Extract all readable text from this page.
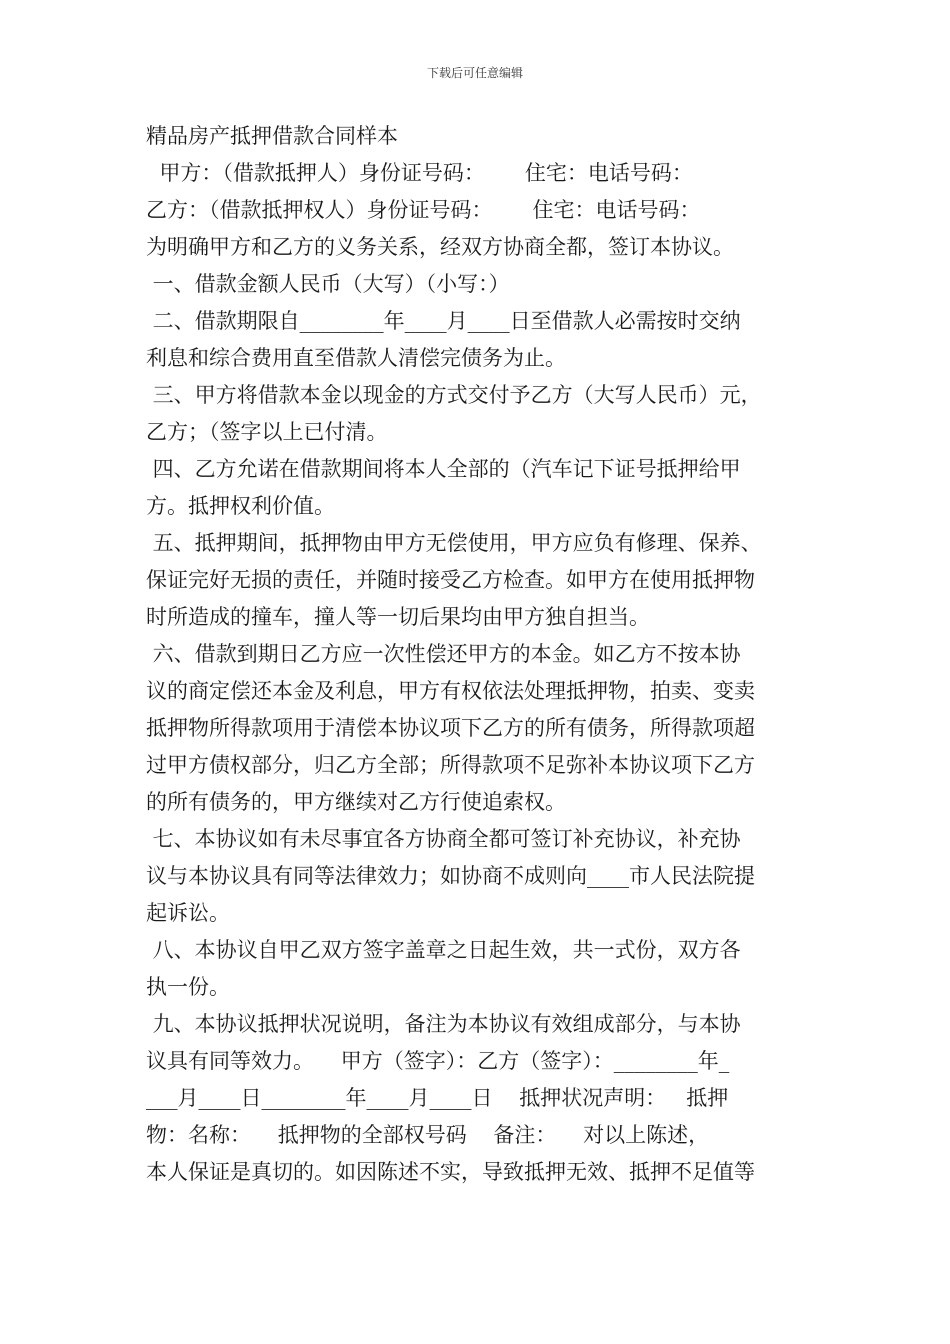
下载后可任意编辑
精品房产抵押借款合同样本
甲方：（借款抵押人）身份证号码：      住宅：电话号码：
乙方：（借款抵押权人）身份证号码：      住宅：电话号码：
为明确甲方和乙方的义务关系，经双方协商全都，签订本协议。
一、借款金额人民币（大写）（小写：）
二、借款期限自________年____月____日至借款人必需按时交纳
利息和综合费用直至借款人清偿完债务为止。
三、甲方将借款本金以现金的方式交付予乙方（大写人民币）元，
乙方；（签字以上已付清。
四、乙方允诺在借款期间将本人全部的（汽车记下证号抵押给甲
方。抵押权利价值。
五、抵押期间，抵押物由甲方无偿使用，甲方应负有修理、保养、
保证完好无损的责任，并随时接受乙方检查。如甲方在使用抵押物
时所造成的撞车，撞人等一切后果均由甲方独自担当。
六、借款到期日乙方应一次性偿还甲方的本金。如乙方不按本协
议的商定偿还本金及利息，甲方有权依法处理抵押物，拍卖、变卖
抵押物所得款项用于清偿本协议项下乙方的所有债务，所得款项超
过甲方债权部分，归乙方全部；所得款项不足弥补本协议项下乙方
的所有债务的，甲方继续对乙方行使追索权。
七、本协议如有未尽事宜各方协商全都可签订补充协议，补充协
议与本协议具有同等法律效力；如协商不成则向____市人民法院提
起诉讼。
八、本协议自甲乙双方签字盖章之日起生效，共一式份，双方各
执一份。
九、本协议抵押状况说明，备注为本协议有效组成部分，与本协
议具有同等效力。    甲方（签字）：乙方（签字）：________年_
___月____日________年____月____日    抵押状况声明：   抵押
物：名称：    抵押物的全部权号码    备注：    对以上陈述，
本人保证是真切的。如因陈述不实，导致抵押无效、抵押不足值等
